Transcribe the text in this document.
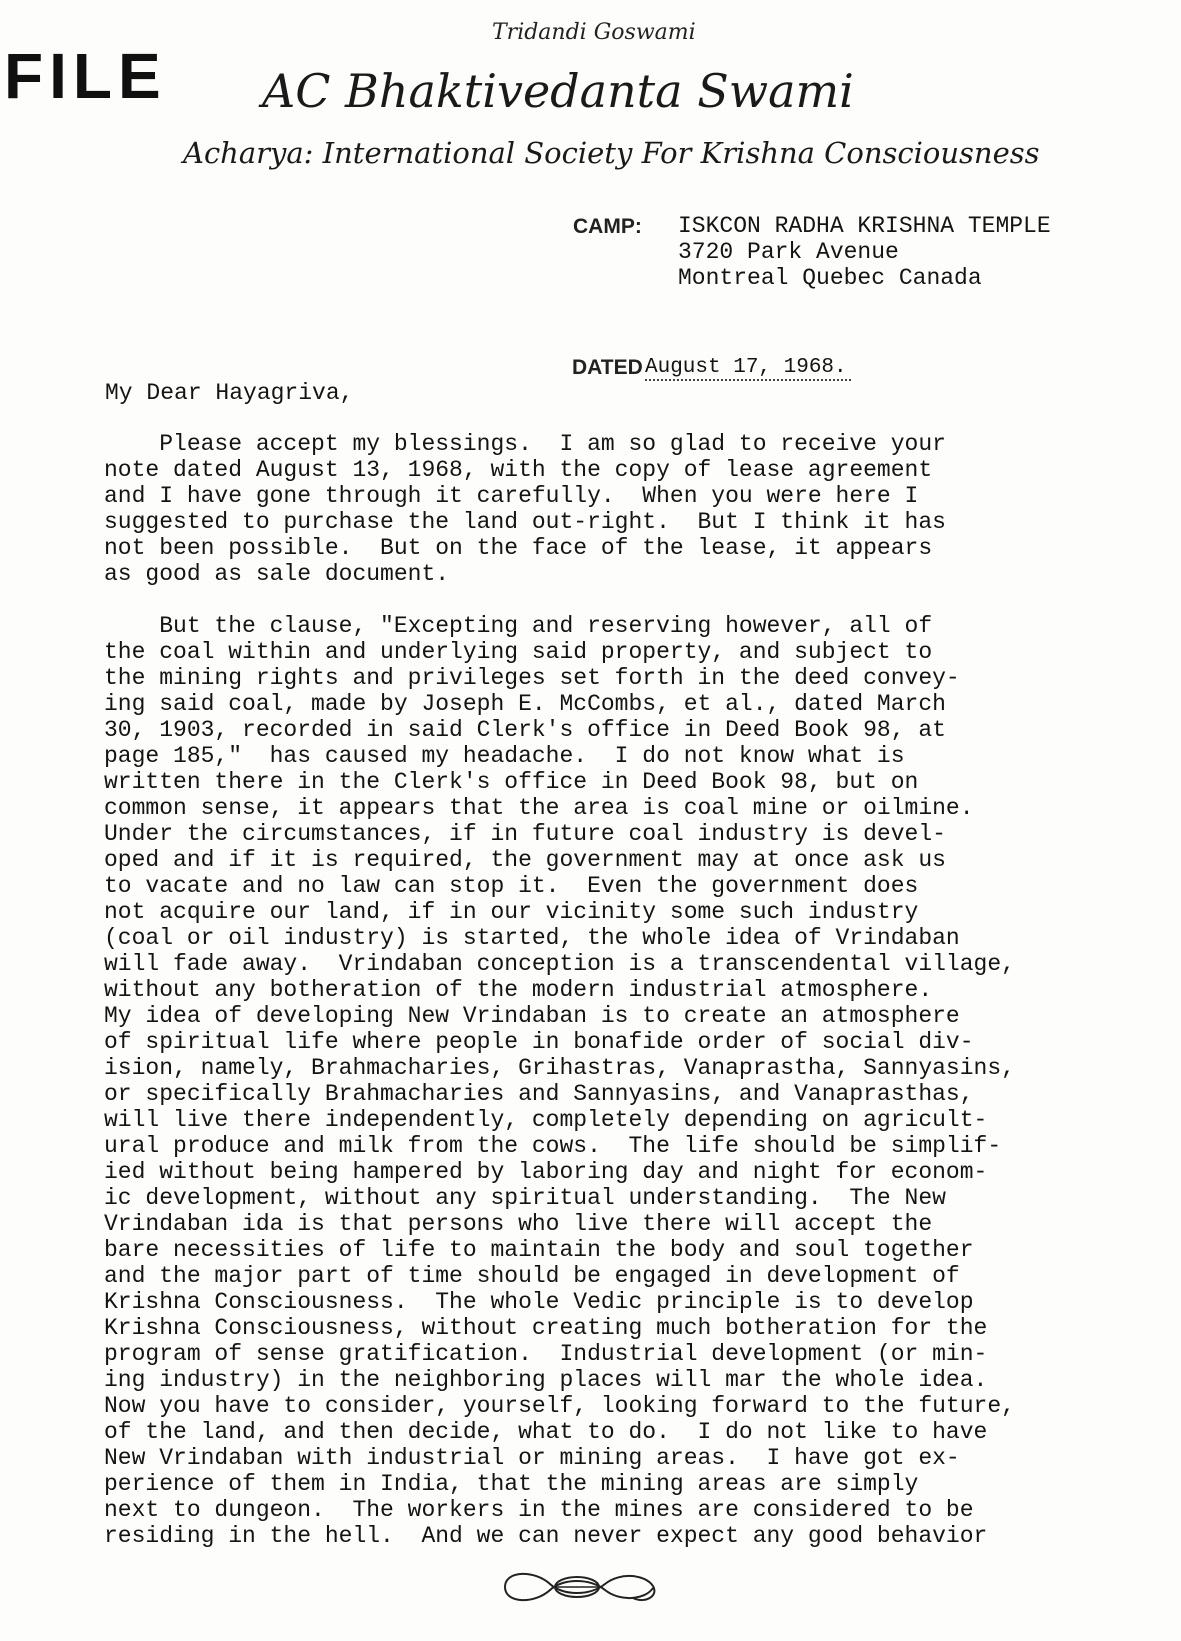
FILE
Tridandi Goswami
AC Bhaktivedanta Swami
Acharya: International Society For Krishna Consciousness
CAMP: ISKCON RADHA KRISHNA TEMPLE
3720 Park Avenue
Montreal Quebec Canada
DATED August 17, 1968.
My Dear Hayagriva,
Please accept my blessings.  I am so glad to receive your
note dated August 13, 1968, with the copy of lease agreement
and I have gone through it carefully.  When you were here I
suggested to purchase the land out-right.  But I think it has
not been possible.  But on the face of the lease, it appears
as good as sale document.
But the clause, "Excepting and reserving however, all of
the coal within and underlying said property, and subject to
the mining rights and privileges set forth in the deed convey-
ing said coal, made by Joseph E. McCombs, et al., dated March
30, 1903, recorded in said Clerk's office in Deed Book 98, at
page 185,"  has caused my headache.  I do not know what is
written there in the Clerk's office in Deed Book 98, but on
common sense, it appears that the area is coal mine or oilmine.
Under the circumstances, if in future coal industry is devel-
oped and if it is required, the government may at once ask us
to vacate and no law can stop it.  Even the government does
not acquire our land, if in our vicinity some such industry
(coal or oil industry) is started, the whole idea of Vrindaban
will fade away.  Vrindaban conception is a transcendental village,
without any botheration of the modern industrial atmosphere.
My idea of developing New Vrindaban is to create an atmosphere
of spiritual life where people in bonafide order of social div-
ision, namely, Brahmacharies, Grihastras, Vanaprastha, Sannyasins,
or specifically Brahmacharies and Sannyasins, and Vanaprasthas,
will live there independently, completely depending on agricult-
ural produce and milk from the cows.  The life should be simplif-
ied without being hampered by laboring day and night for econom-
ic development, without any spiritual understanding.  The New
Vrindaban ida is that persons who live there will accept the
bare necessities of life to maintain the body and soul together
and the major part of time should be engaged in development of
Krishna Consciousness.  The whole Vedic principle is to develop
Krishna Consciousness, without creating much botheration for the
program of sense gratification.  Industrial development (or min-
ing industry) in the neighboring places will mar the whole idea.
Now you have to consider, yourself, looking forward to the future,
of the land, and then decide, what to do.  I do not like to have
New Vrindaban with industrial or mining areas.  I have got ex-
perience of them in India, that the mining areas are simply
next to dungeon.  The workers in the mines are considered to be
residing in the hell.  And we can never expect any good behavior
